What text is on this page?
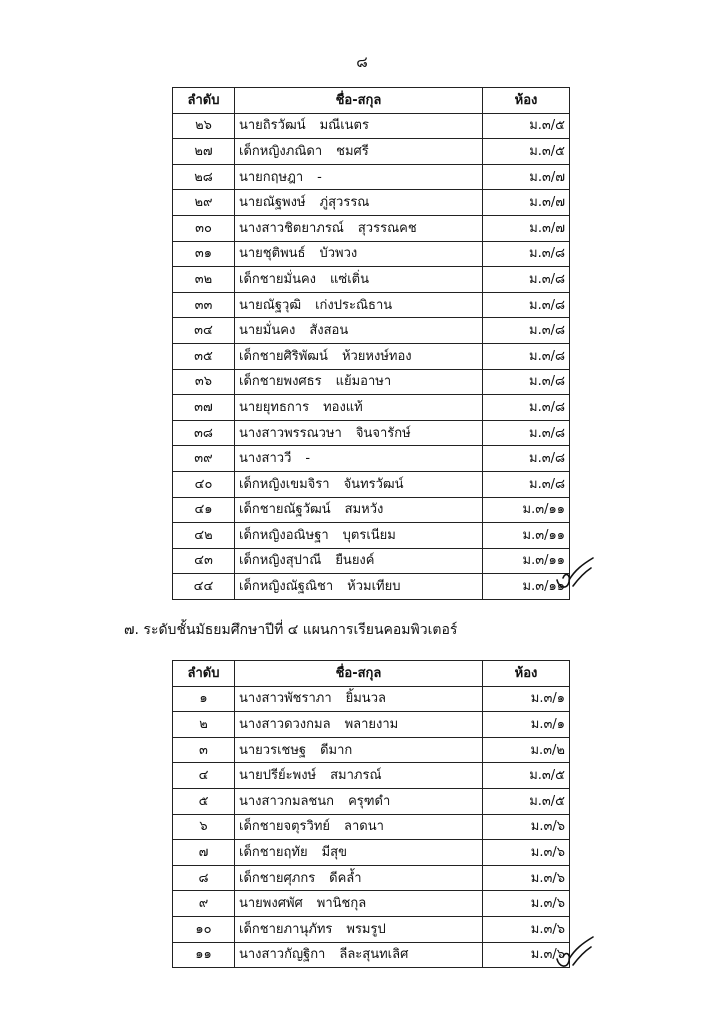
๘
ลำดับ	ชื่อ-สกุล	ห้อง
๒๖	นายถิรวัฒน์ มณีเนตร	ม.๓/๕
๒๗	เด็กหญิงภณิดา ชมศรี	ม.๓/๕
๒๘	นายกฤษฎา -	ม.๓/๗
๒๙	นายณัฐพงษ์ ภู่สุวรรณ	ม.๓/๗
๓๐	นางสาวชิตยาภรณ์ สุวรรณคช	ม.๓/๗
๓๑	นายชุติพนธ์ บัวพวง	ม.๓/๘
๓๒	เด็กชายมั่นคง แซ่เติ่น	ม.๓/๘
๓๓	นายณัฐวุฒิ เก่งประณิธาน	ม.๓/๘
๓๔	นายมั่นคง สังสอน	ม.๓/๘
๓๕	เด็กชายศิริพัฒน์ ห้วยหงษ์ทอง	ม.๓/๘
๓๖	เด็กชายพงศธร แย้มอาษา	ม.๓/๘
๓๗	นายยุทธการ ทองแท้	ม.๓/๘
๓๘	นางสาวพรรณวษา จินจารักษ์	ม.๓/๘
๓๙	นางสาววี -	ม.๓/๘
๔๐	เด็กหญิงเขมจิรา จันทรวัฒน์	ม.๓/๘
๔๑	เด็กชายณัฐวัฒน์ สมหวัง	ม.๓/๑๑
๔๒	เด็กหญิงอณิษฐา บุตรเนียม	ม.๓/๑๑
๔๓	เด็กหญิงสุปาณี ยืนยงค์	ม.๓/๑๑
๔๔	เด็กหญิงณัฐณิชา ห้วมเทียบ	ม.๓/๑๑
๗. ระดับชั้นมัธยมศึกษาปีที่ ๔ แผนการเรียนคอมพิวเตอร์
ลำดับ	ชื่อ-สกุล	ห้อง
๑	นางสาวพัชราภา ยิ้มนวล	ม.๓/๑
๒	นางสาวดวงกมล พลายงาม	ม.๓/๑
๓	นายวรเชษฐ ดีมาก	ม.๓/๒
๔	นายปรีย์ะพงษ์ สมาภรณ์	ม.๓/๕
๕	นางสาวกมลชนก ครุฑดำ	ม.๓/๕
๖	เด็กชายจตุรวิทย์ ลาดนา	ม.๓/๖
๗	เด็กชายฤทัย มีสุข	ม.๓/๖
๘	เด็กชายศุภกร ดีคล้ำ	ม.๓/๖
๙	นายพงศพัศ พานิชกุล	ม.๓/๖
๑๐	เด็กชายภานุภัทร พรมรูป	ม.๓/๖
๑๑	นางสาวกัญฐิกา ลีละสุนทเลิศ	ม.๓/๖
